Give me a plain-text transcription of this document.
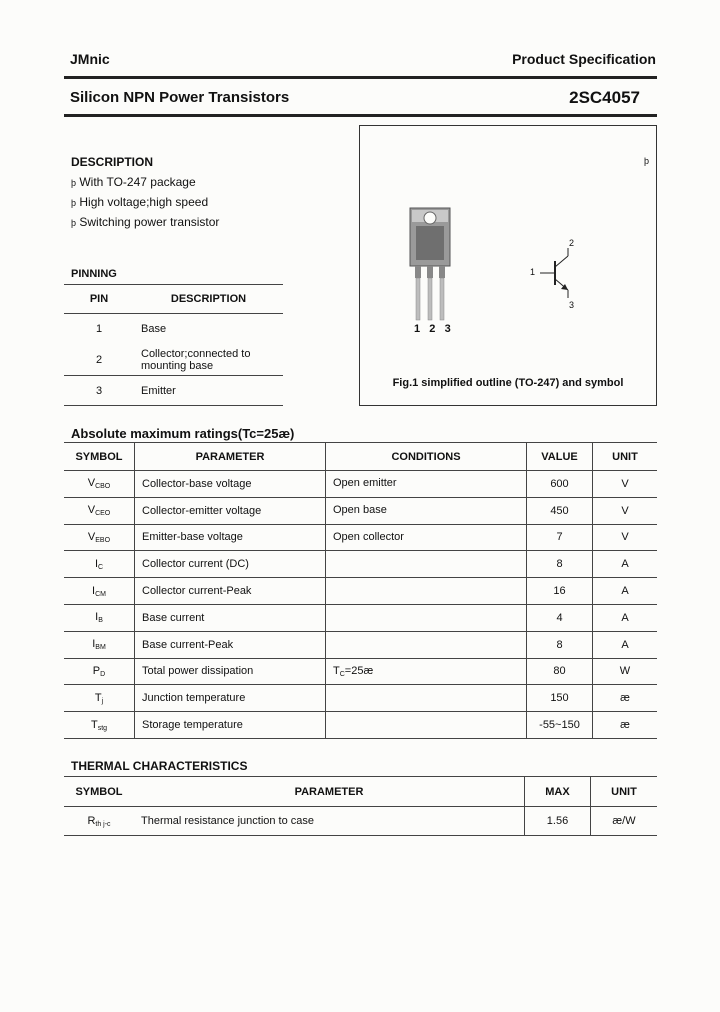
JMnic	Product Specification
Silicon NPN Power Transistors	2SC4057
DESCRIPTION
þ With TO-247 package
þ High voltage;high speed
þ Switching power transistor
PINNING
PIN	DESCRIPTION
1	Base
2	Collector;connected to mounting base
3	Emitter
þ
1 2 3
2
1
3
Fig.1 simplified outline (TO-247) and symbol
Absolute maximum ratings(Tc=25æ)
SYMBOL	PARAMETER	CONDITIONS	VALUE	UNIT
$V_{CBO}$	Collector-base voltage	Open emitter	600	V
$V_{CEO}$	Collector-emitter voltage	Open base	450	V
$V_{EBO}$	Emitter-base voltage	Open collector	7	V
$I_C$	Collector current (DC)		8	A
$I_{CM}$	Collector current-Peak		16	A
$I_B$	Base current		4	A
$I_{BM}$	Base current-Peak		8	A
$P_D$	Total power dissipation	$T_C=25æ$	80	W
$T_j$	Junction temperature		150	æ
$T_{stg}$	Storage temperature		-55~150	æ
THERMAL CHARACTERISTICS
SYMBOL	PARAMETER	MAX	UNIT
$R_{th j-c}$	Thermal resistance junction to case	1.56	æ/W
